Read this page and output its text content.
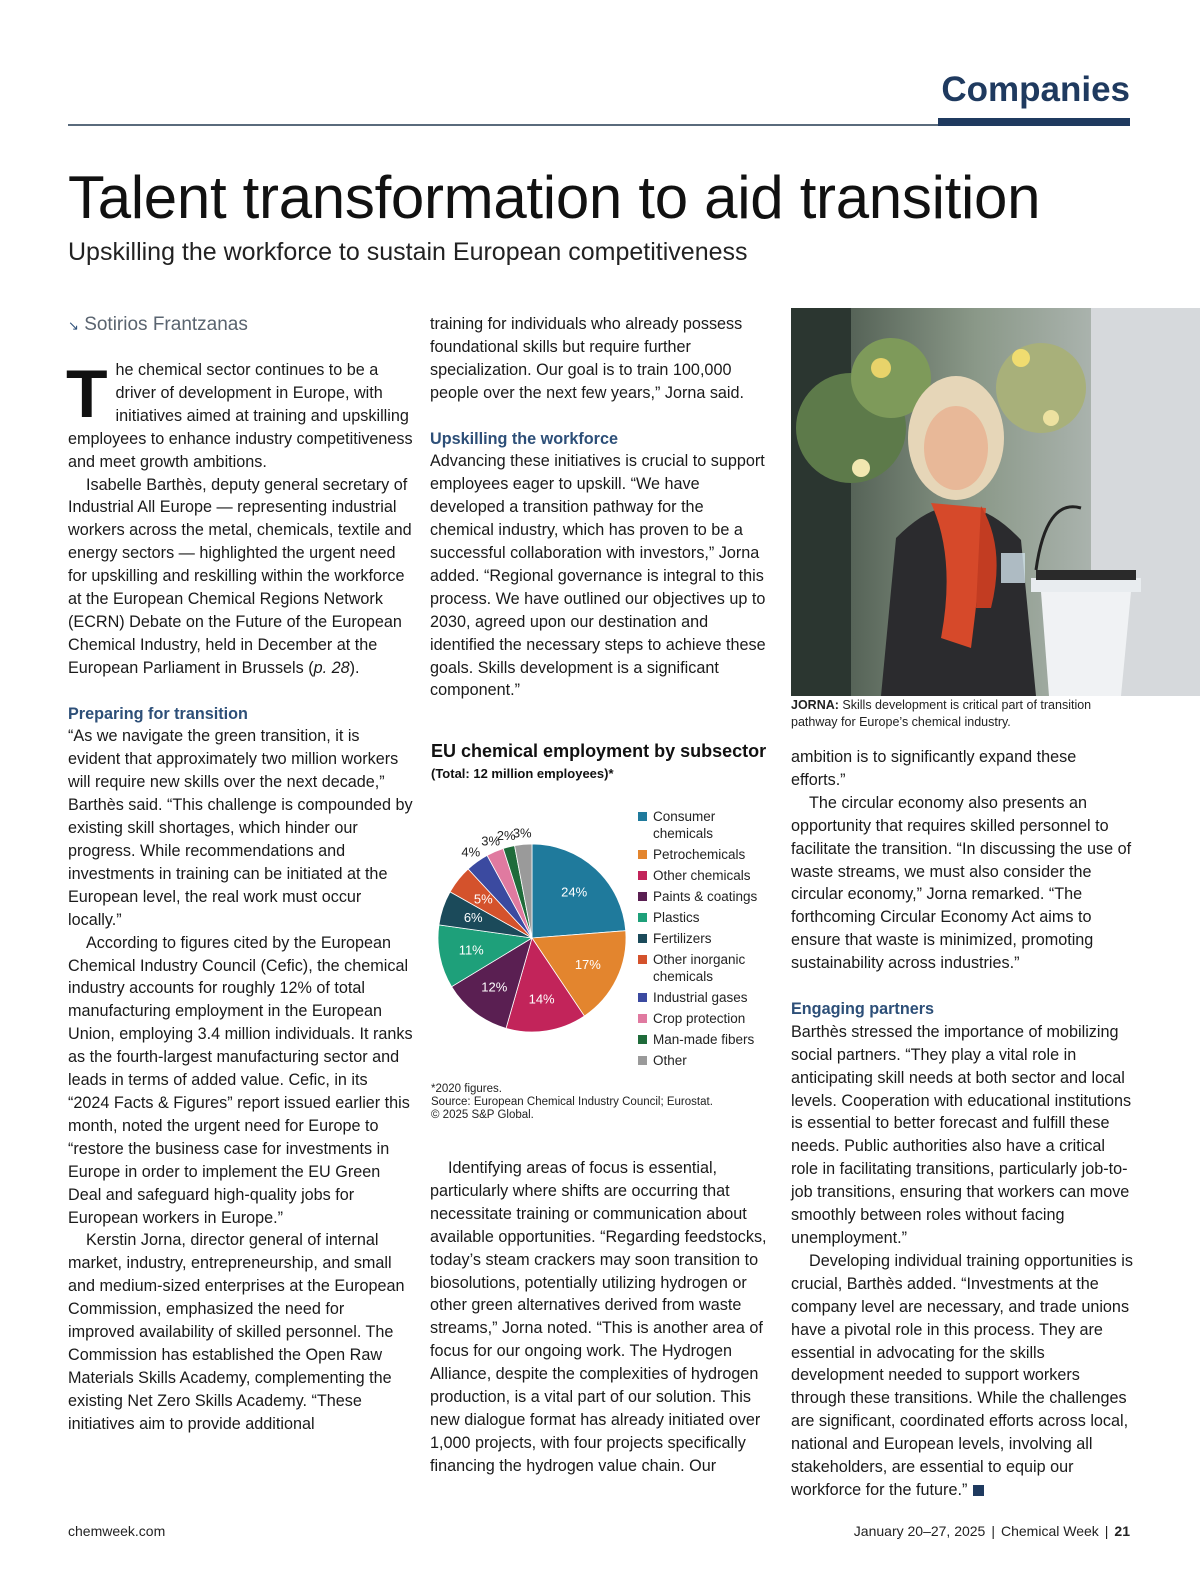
Companies
Talent transformation to aid transition
Upskilling the workforce to sustain European competitiveness
↘ Sotirios Frantzanas

The chemical sector continues to be a driver of development in Europe, with initiatives aimed at training and upskilling employees to enhance industry competitiveness and meet growth ambitions.

Isabelle Barthès, deputy general secretary of Industrial All Europe — representing industrial workers across the metal, chemicals, textile and energy sectors — highlighted the urgent need for upskilling and reskilling within the workforce at the European Chemical Regions Network (ECRN) Debate on the Future of the European Chemical Industry, held in December at the European Parliament in Brussels (p. 28).

Preparing for transition

“As we navigate the green transition, it is evident that approximately two million workers will require new skills over the next decade,” Barthès said. “This challenge is compounded by existing skill shortages, which hinder our progress. While recommendations and investments in training can be initiated at the European level, the real work must occur locally.”

According to figures cited by the European Chemical Industry Council (Cefic), the chemical industry accounts for roughly 12% of total manufacturing employment in the European Union, employing 3.4 million individuals. It ranks as the fourth-largest manufacturing sector and leads in terms of added value. Cefic, in its “2024 Facts & Figures” report issued earlier this month, noted the urgent need for Europe to “restore the business case for investments in Europe in order to implement the EU Green Deal and safeguard high-quality jobs for European workers in Europe.”

Kerstin Jorna, director general of internal market, industry, entrepreneurship, and small and medium-sized enterprises at the European Commission, emphasized the need for improved availability of skilled personnel. The Commission has established the Open Raw Materials Skills Academy, complementing the existing Net Zero Skills Academy. “These initiatives aim to provide additional

training for individuals who already possess foundational skills but require further specialization. Our goal is to train 100,000 people over the next few years,” Jorna said.

Upskilling the workforce

Advancing these initiatives is crucial to support employees eager to upskill. “We have developed a transition pathway for the chemical industry, which has proven to be a successful collaboration with investors,” Jorna added. “Regional governance is integral to this process. We have outlined our objectives up to 2030, agreed upon our destination and identified the necessary steps to achieve these goals. Skills development is a significant component.”

EU chemical employment by subsector
(Total: 12 million employees)*
24%
17%
14%
12%
11%
6%
5%
4%
3%
2%
3%
Consumer chemicals
Petrochemicals
Other chemicals
Paints & coatings
Plastics
Fertilizers
Other inorganic chemicals
Industrial gases
Crop protection
Man-made fibers
Other
*2020 figures.
Source: European Chemical Industry Council; Eurostat.
© 2025 S&P Global.

Identifying areas of focus is essential, particularly where shifts are occurring that necessitate training or communication about available opportunities. “Regarding feedstocks, today’s steam crackers may soon transition to biosolutions, potentially utilizing hydrogen or other green alternatives derived from waste streams,” Jorna noted. “This is another area of focus for our ongoing work. The Hydrogen Alliance, despite the complexities of hydrogen production, is a vital part of our solution. This new dialogue format has already initiated over 1,000 projects, with four projects specifically financing the hydrogen value chain. Our

JORNA: Skills development is critical part of transition pathway for Europe’s chemical industry.

ambition is to significantly expand these efforts.”

The circular economy also presents an opportunity that requires skilled personnel to facilitate the transition. “In discussing the use of waste streams, we must also consider the circular economy,” Jorna remarked. “The forthcoming Circular Economy Act aims to ensure that waste is minimized, promoting sustainability across industries.”

Engaging partners

Barthès stressed the importance of mobilizing social partners. “They play a vital role in anticipating skill needs at both sector and local levels. Cooperation with educational institutions is essential to better forecast and fulfill these needs. Public authorities also have a critical role in facilitating transitions, particularly job-to-job transitions, ensuring that workers can move smoothly between roles without facing unemployment.”

Developing individual training opportunities is crucial, Barthès added. “Investments at the company level are necessary, and trade unions have a pivotal role in this process. They are essential in advocating for the skills development needed to support workers through these transitions. While the challenges are significant, coordinated efforts across local, national and European levels, involving all stakeholders, are essential to equip our workforce for the future.”

chemweek.com	January 20–27, 2025 | Chemical Week | 21
